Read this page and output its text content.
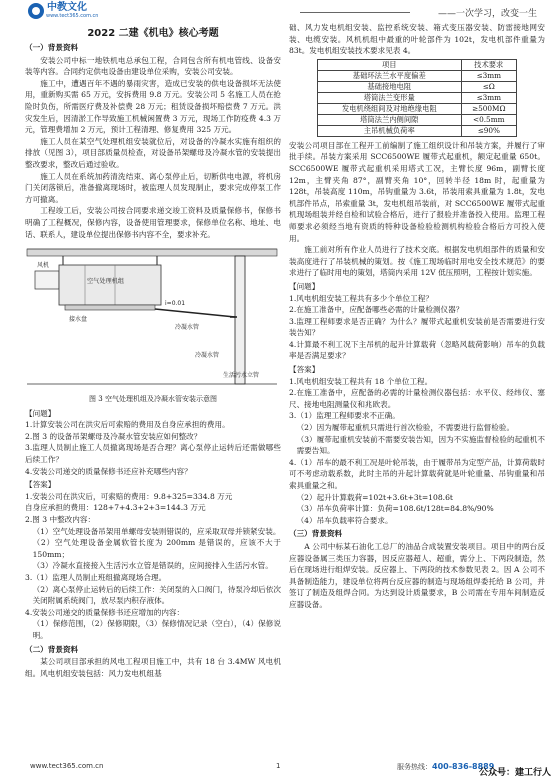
中教文化
www.tect365.com.cn	——一次学习，改变一生
2022 二建《机电》核心考题
（一）背景资料

安装公司中标一地铁机电总承包工程，合同包含所有机电管线、设备安装等内容。合同约定供电设备由建设单位采购，安装公司安装。

施工中，遭遇百年不遇的暴雨灾害，造成已安装的供电设备损坏无法使用，重新购买需 65 万元，安拆费用 9.8 万元。安装公司 5 名施工人员在抢险时负伤，所需医疗费及补偿费 28 万元；租赁设备损坏赔偿费 7 万元。洪灾发生后，因清淤工作导致施工机械闲置费 3 万元，现场工作防疫费 4.3 万元，管理费增加 2 万元，预计工程清理、修复费用 325 万元。

施工人员在某空气处理机组安装就位后，对设备的冷凝水实施有组织的排放（见图 3），项目部质量员检查，对设备吊架螺母及冷凝水管的安装提出整改要求，整改后通过验收。

施工人员在系统加药清洗结束、离心泵停止后，切断供电电源，将机房门关闭落锁后，准备撤离现场时，被监理人员发现制止，要求完成停泵工作方可撤离。

工程竣工后，安装公司按合同要求递交竣工资料及质量保修书，保修书明确了工程概况，保修内容，设备使用管理要求，保修单位名称、地址、电话、联系人，建设单位提出保修书内容不全，要求补充。

风机
空气处理机组
接水盘
i=0.01
冷凝水管
冷凝水管
生活污水立管
图 3 空气处理机组及冷凝水管安装示意图
【问题】

1.计算安装公司在洪灾后可索赔的费用及自身应承担的费用。

2.图 3 的设备吊架螺母及冷凝水管安装应如何整改？

3.监理人员制止施工人员撤离现场是否合理？离心泵停止运转后还需做哪些后续工作？

4.安装公司递交的质量保修书还应补充哪些内容？

【答案】

1.安装公司在洪灾后，可索赔的费用：9.8+325=334.8 万元

自身应承担的费用：128+7+4.3+2+3=144.3 万元

2.图 3 中整改内容：

（1）空气处理设备吊架用单螺母安装则错误的，应采取双母并锁紧安装。

（2）空气处理设备金属软管长度为 200mm 是错误的，应该不大于 150mm；

（3）冷凝水直接接入生活污水立管是错误的，应间接排入生活污水管。

3.（1）监理人员制止班组撤离现场合理。

（2）离心泵停止运转后的后续工作：关闭泵的入口阀门，待泵冷却后依次关闭附属系统阀门，放尽泵内积存液体。

4.安装公司递交的质量保修书还应增加的内容：

（1）保修范围，（2）保修期限，（3）保修情况记录（空白），（4）保修说明。

（二）背景资料

某公司项目部承担的风电工程项目施工中，共有 18 台 3.4MW 风电机组。风电机组安装包括：风力发电机组基

础、风力发电机组安装、监控系统安装、箱式变压器安装、防雷接地网安装、电缆安装。风机机组中最重的叶轮部件为 102t，发电机部件重量为 83t。发电机组安装技术要求见表 4。

项目	技术要求
基础环法兰水平度偏差	≤3mm
基础接地电阻	≤Ω
塔筒法兰变形量	≤3mm
发电机绕组间及对地绝缘电阻	≥500MΩ
塔筒法兰内侧间隙	<0.5mm
主吊机械负荷率	≤90%

安装公司项目部在工程开工前编制了施工组织设计和吊装方案，并履行了审批手续。吊装方案采用 SCC6500WE 履带式起重机，额定起重量 650t。SCC6500WE 履带式起重机采用塔式工况，主臂长度 96m，副臂长度 12m，主臂夹角 87°，副臂夹角 10°，回转半径 18m 时，起重量为 128t，吊装高度 110m，吊钩重量为 3.6t，吊装用索具重量为 1.8t，发电机部件吊点，吊索重量 3t，发电机组吊装前，对 SCC6500WE 履带式起重机现场组装并经自检和试验合格后，进行了报验并准备投入使用。监理工程师要求必须经当地有资质的特种设备检验检测机构检验合格后方可投入使用。

施工前对所有作业人员进行了技术交底。根据发电机组部件的质量和安装高度进行了吊装机械的策划。按《施工现场临时用电安全技术规范》的要求进行了临时用电的策划，塔筒内采用 12V 低压照明，工程按计划实施。

【问题】

1.风电机组安装工程共有多少个单位工程？

2.在施工准备中，应配备哪些必需的计量检测仪器？

3.监理工程师要求是否正确？为什么？履带式起重机安装前是否需要进行安装告知？

4.计算最不利工况下主吊机的起升计算载荷（忽略风载荷影响）吊车的负载率是否满足要求？

【答案】

1.风电机组安装工程共有 18 个单位工程。

2.在施工准备中，应配备的必需的计量检测仪器包括：水平仪、经纬仪、塞尺、接地电阻测量仪和兆欧表。

3.（1）监理工程师要求不正确。

（2）因为履带起重机只需进行首次检验，不需要进行监督检验。

（3）履带起重机安装前不需要安装告知，因为不实施监督检验的起重机不需要告知。

4.（1）吊车的最不利工况是叶轮吊装，由于履带吊为定型产品，计算荷载时可不考虑动载系数，此时主吊的升起计算载荷就是叶轮重量、吊钩重量和吊索具重量之和。

（2）起升计算载荷=102t+3.6t+3t=108.6t

（3）吊车负荷率计算：负荷=108.6t/128t=84.8%/90%

（4）吊车负载率符合要求。

（三）背景资料

A 公司中标某石油化工总厂的油品合成装置安装项目。项目中的两台反应器设备属三类压力容器，因反应器超人、超重，需分上、下两段制造，然后在现场进行组焊安装。反应器上、下两段的技术参数见表 2。因 A 公司不具备制造能力，建设单位将两台反应器的制造与现场组焊委托给 B 公司，并签订了制造及组焊合同。为达到设计质量要求，B 公司需在专用车间制造反应器设备。

www.tect365.com.cn	1	服务热线：400-836-8889
公众号：建工行人
